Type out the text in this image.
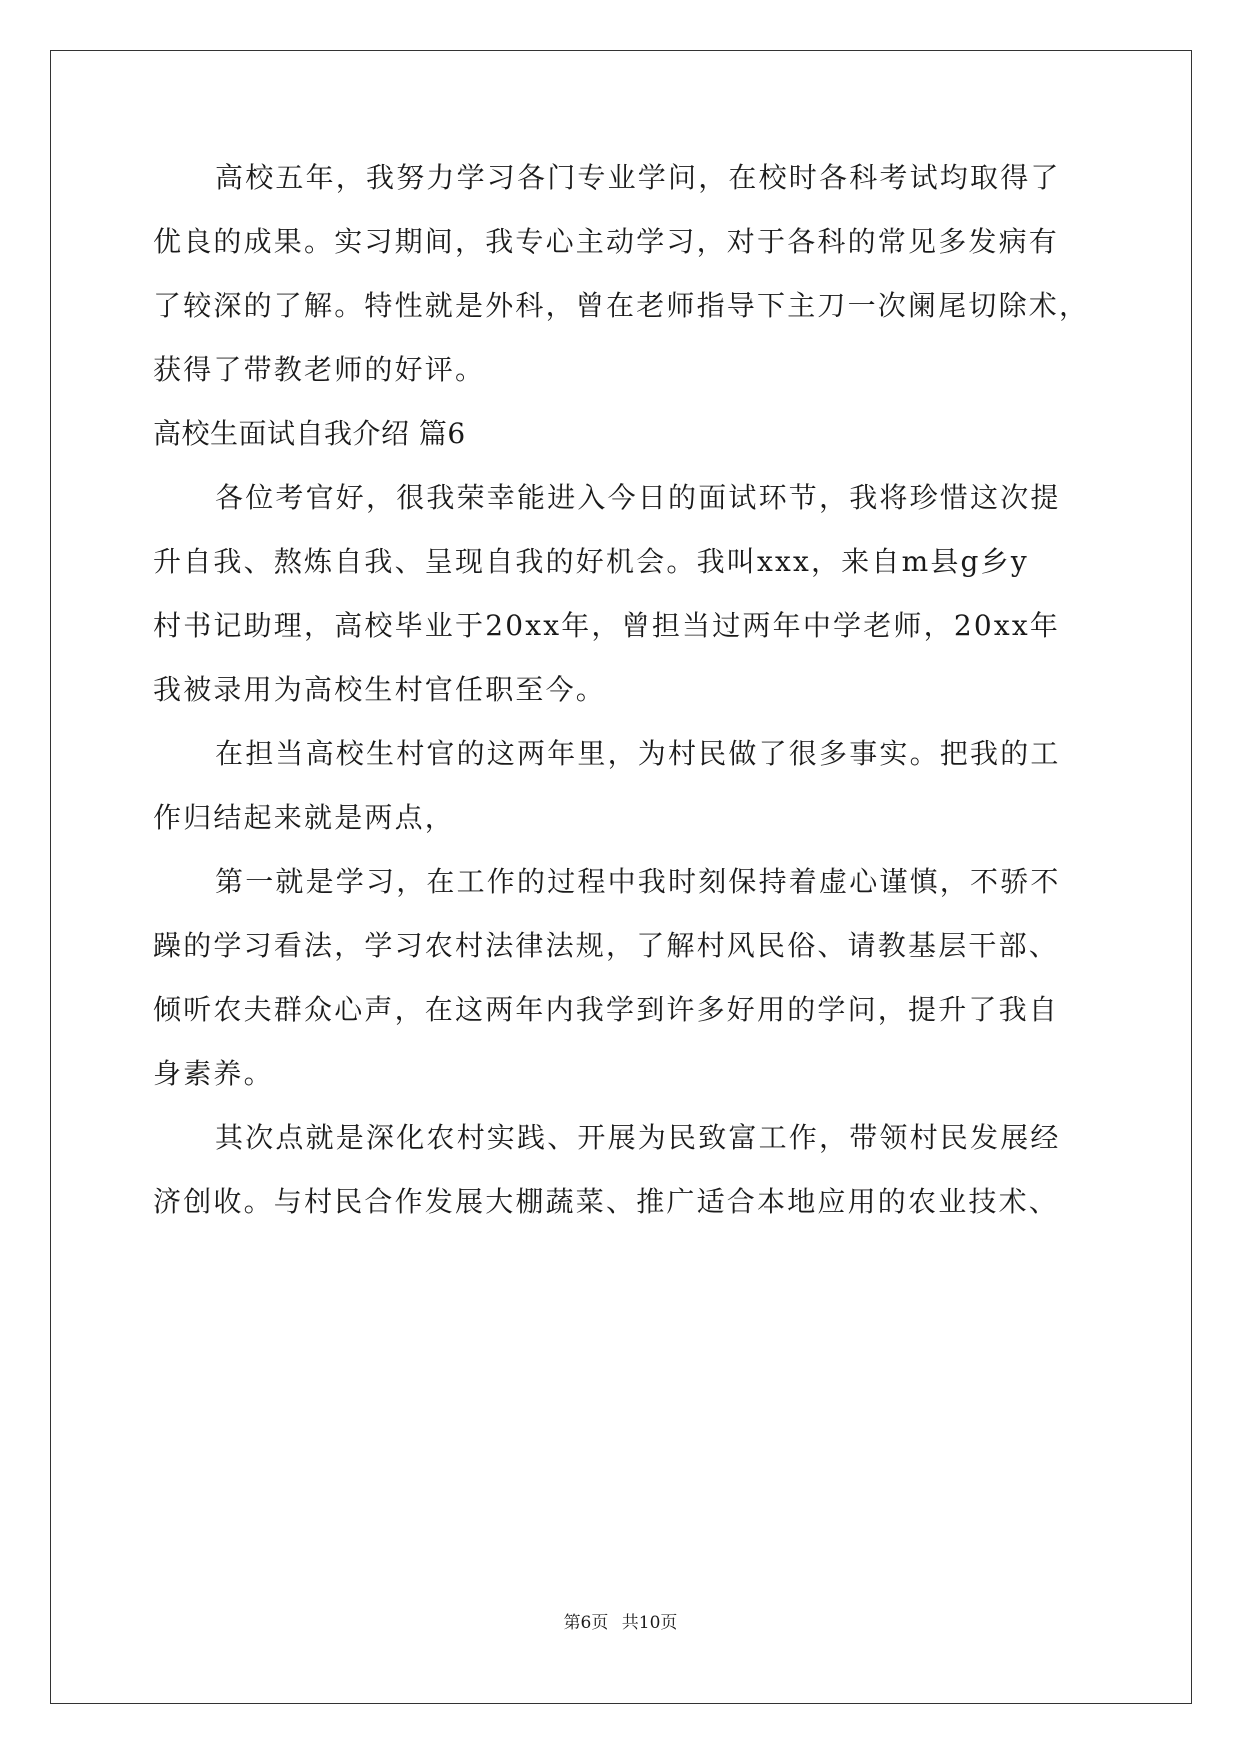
高校五年，我努力学习各门专业学问，在校时各科考试均取得了
优良的成果。实习期间，我专心主动学习，对于各科的常见多发病有
了较深的了解。特性就是外科，曾在老师指导下主刀一次阑尾切除术，
获得了带教老师的好评。
高校生面试自我介绍 篇6
各位考官好，很我荣幸能进入今日的面试环节，我将珍惜这次提
升自我、熬炼自我、呈现自我的好机会。我叫xxx，来自m县g乡y
村书记助理，高校毕业于20xx年，曾担当过两年中学老师，20xx年
我被录用为高校生村官任职至今。
在担当高校生村官的这两年里，为村民做了很多事实。把我的工
作归结起来就是两点，
第一就是学习，在工作的过程中我时刻保持着虚心谨慎，不骄不
躁的学习看法，学习农村法律法规，了解村风民俗、请教基层干部、
倾听农夫群众心声，在这两年内我学到许多好用的学问，提升了我自
身素养。
其次点就是深化农村实践、开展为民致富工作，带领村民发展经
济创收。与村民合作发展大棚蔬菜、推广适合本地应用的农业技术、
第6页 共10页
